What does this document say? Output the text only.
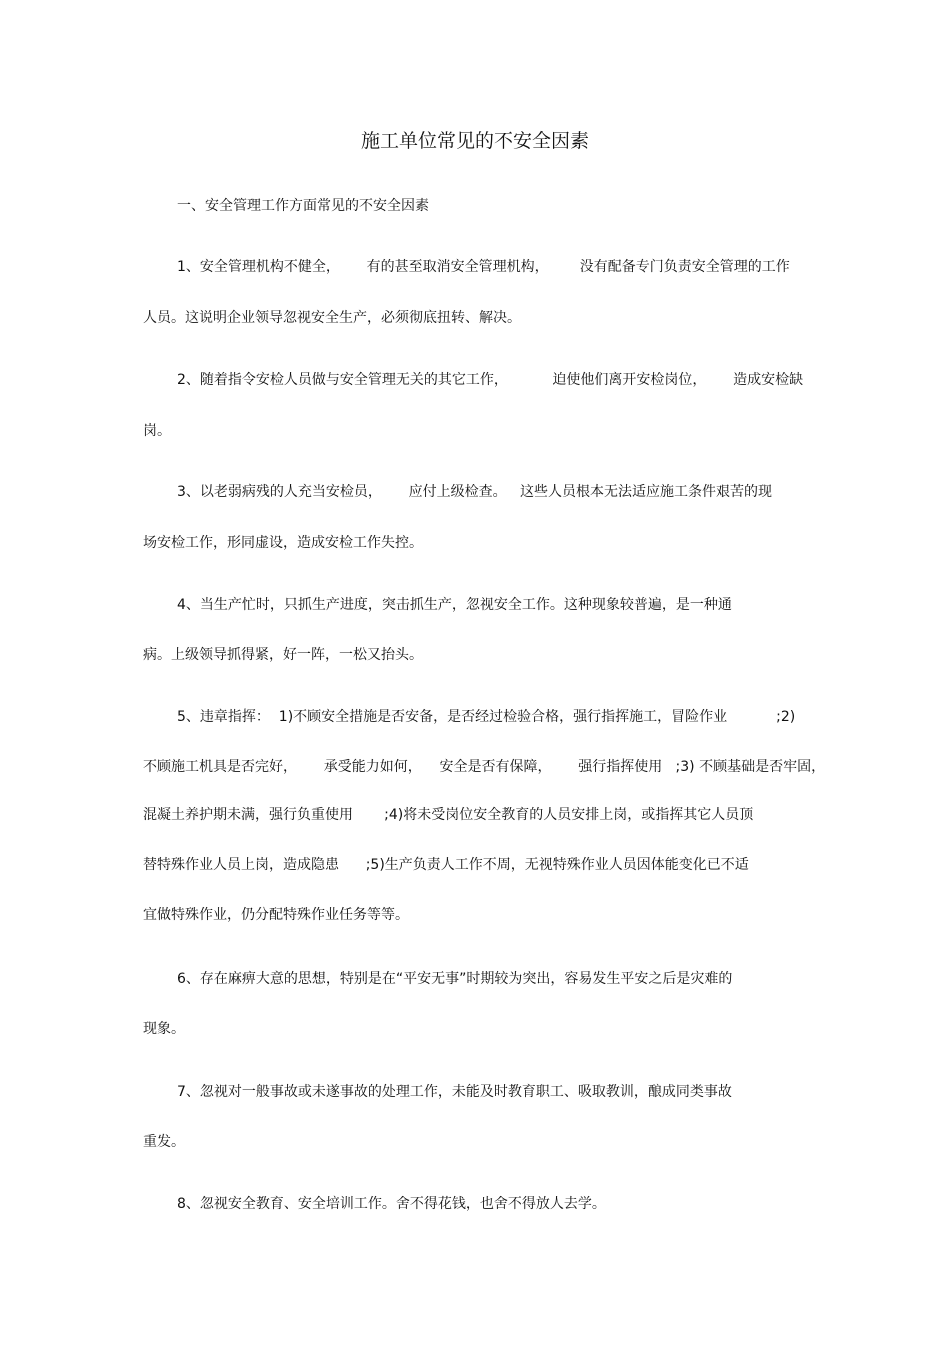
施工单位常见的不安全因素
一、安全管理工作方面常见的不安全因素
1、安全管理机构不健全，      有的甚至取消安全管理机构，       没有配备专门负责安全管理的工作
人员。这说明企业领导忽视安全生产，必须彻底扭转、解决。
2、随着指令安检人员做与安全管理无关的其它工作，          迫使他们离开安检岗位，      造成安检缺
岗。
3、以老弱病残的人充当安检员，      应付上级检查。   这些人员根本无法适应施工条件艰苦的现
场安检工作，形同虚设，造成安检工作失控。
4、当生产忙时，只抓生产进度，突击抓生产，忽视安全工作。这种现象较普遍，是一种通
病。上级领导抓得紧，好一阵，一松又抬头。
5、违章指挥：  1)不顾安全措施是否安备，是否经过检验合格，强行指挥施工，冒险作业           ;2)
不顾施工机具是否完好，      承受能力如何，    安全是否有保障，      强行指挥使用   ;3) 不顾基础是否牢固，
混凝土养护期未满，强行负重使用       ;4)将未受岗位安全教育的人员安排上岗，或指挥其它人员顶
替特殊作业人员上岗，造成隐患      ;5)生产负责人工作不周，无视特殊作业人员因体能变化已不适
宜做特殊作业，仍分配特殊作业任务等等。
6、存在麻痹大意的思想，特别是在“平安无事”时期较为突出，容易发生平安之后是灾难的
现象。
7、忽视对一般事故或未遂事故的处理工作，未能及时教育职工、吸取教训，酿成同类事故
重发。
8、忽视安全教育、安全培训工作。舍不得花钱，也舍不得放人去学。
